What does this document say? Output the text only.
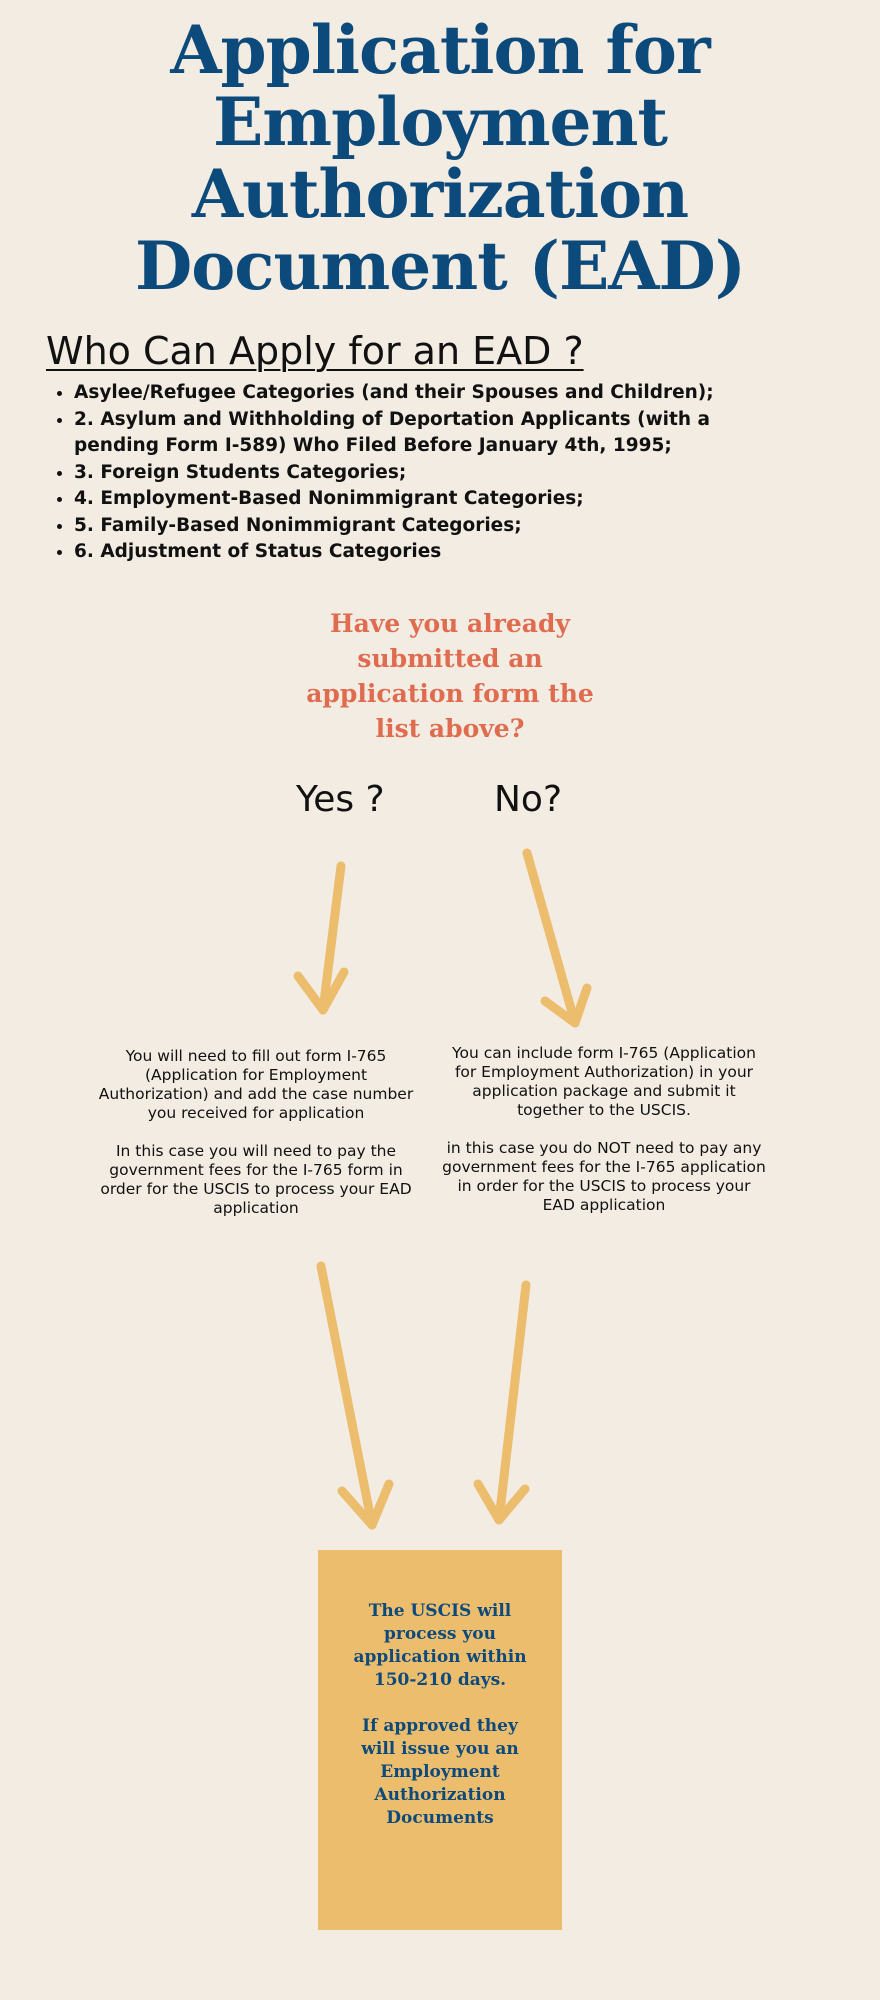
Application for Employment Authorization Document (EAD)
Who Can Apply for an EAD ?
• Asylee/Refugee Categories (and their Spouses and Children);
• 2. Asylum and Withholding of Deportation Applicants (with a pending Form I-589) Who Filed Before January 4th, 1995;
• 3. Foreign Students Categories;
• 4. Employment-Based Nonimmigrant Categories;
• 5. Family-Based Nonimmigrant Categories;
• 6. Adjustment of Status Categories
Have you already submitted an application form the list above?
Yes ?	No?

You will need to fill out form I-765 (Application for Employment Authorization) and add the case number you received for application

In this case you will need to pay the government fees for the I-765 form in order for the USCIS to process your EAD application

You can include form I-765 (Application for Employment Authorization) in your application package and submit it together to the USCIS.

in this case you do NOT need to pay any government fees for the I-765 application in order for the USCIS to process your EAD application

The USCIS will process you application within 150-210 days.

If approved they will issue you an Employment Authorization Documents
